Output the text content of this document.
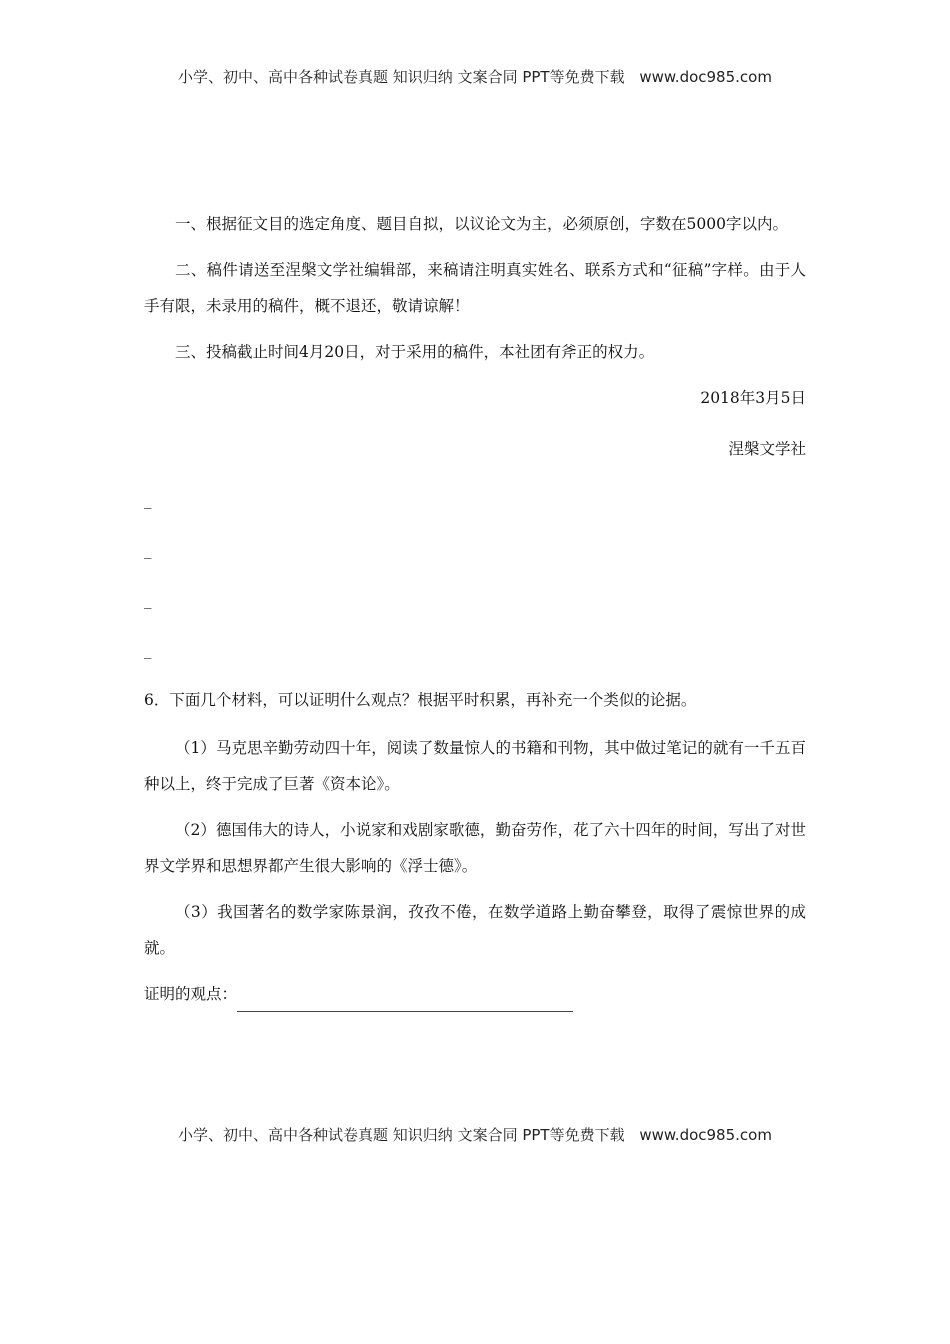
小学、初中、高中各种试卷真题 知识归纳 文案合同 PPT等免费下载 www.doc985.com

一、根据征文目的选定角度、题目自拟，以议论文为主，必须原创，字数在5000字以内。

二、稿件请送至涅槃文学社编辑部，来稿请注明真实姓名、联系方式和“征稿”字样。由于人手有限，未录用的稿件，概不退还，敬请谅解！

三、投稿截止时间4月20日，对于采用的稿件，本社团有斧正的权力。

2018年3月5日

涅槃文学社

_
_
_
_

6．下面几个材料，可以证明什么观点？根据平时积累，再补充一个类似的论据。

（1）马克思辛勤劳动四十年，阅读了数量惊人的书籍和刊物，其中做过笔记的就有一千五百种以上，终于完成了巨著《资本论》。

（2）德国伟大的诗人，小说家和戏剧家歌德，勤奋劳作，花了六十四年的时间，写出了对世界文学界和思想界都产生很大影响的《浮士德》。

（3）我国著名的数学家陈景润，孜孜不倦，在数学道路上勤奋攀登，取得了震惊世界的成就。

证明的观点：

小学、初中、高中各种试卷真题 知识归纳 文案合同 PPT等免费下载 www.doc985.com
